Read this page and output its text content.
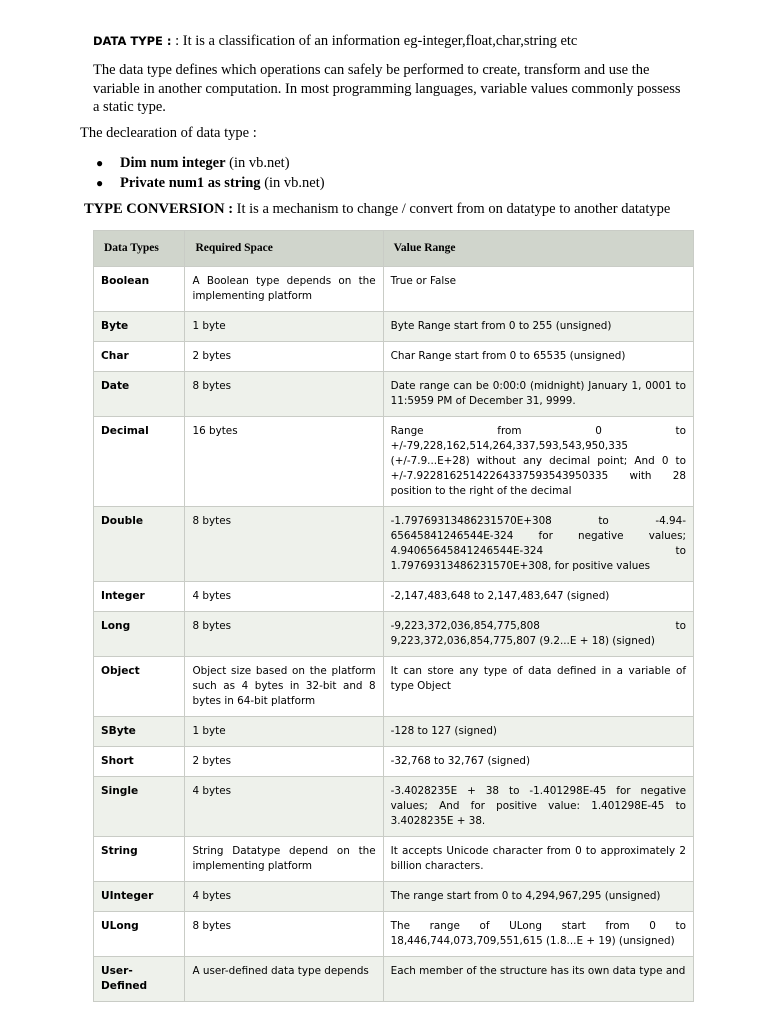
DATA TYPE : : It is a classification of an information eg-integer,float,char,string etc
The data type defines which operations can safely be performed to create, transform and use the variable in another computation. In most programming languages, variable values commonly possess a static type.
The declearation of data type :
● Dim num integer (in vb.net)
● Private num1 as string (in vb.net)
TYPE CONVERSION : It is a mechanism to change / convert from on datatype to another datatype
Data Types	Required Space	Value Range
Boolean	A Boolean type depends on the implementing platform	True or False
Byte	1 byte	Byte Range start from 0 to 255 (unsigned)
Char	2 bytes	Char Range start from 0 to 65535 (unsigned)
Date	8 bytes	Date range can be 0:00:0 (midnight) January 1, 0001 to 11:5959 PM of December 31, 9999.
Decimal	16 bytes	Range from 0 to +/-79,228,162,514,264,337,593,543,950,335 (+/-7.9...E+28) without any decimal point; And 0 to +/-7.92281625142264337593543950335 with 28 position to the right of the decimal
Double	8 bytes	-1.79769313486231570E+308 to -4.94-65645841246544E-324 for negative values; 4.94065645841246544E-324 to 1.79769313486231570E+308, for positive values
Integer	4 bytes	-2,147,483,648 to 2,147,483,647 (signed)
Long	8 bytes	-9,223,372,036,854,775,808 to 9,223,372,036,854,775,807 (9.2...E + 18) (signed)
Object	Object size based on the platform such as 4 bytes in 32-bit and 8 bytes in 64-bit platform	It can store any type of data defined in a variable of type Object
SByte	1 byte	-128 to 127 (signed)
Short	2 bytes	-32,768 to 32,767 (signed)
Single	4 bytes	-3.4028235E + 38 to -1.401298E-45 for negative values; And for positive value: 1.401298E-45 to 3.4028235E + 38.
String	String Datatype depend on the implementing platform	It accepts Unicode character from 0 to approximately 2 billion characters.
UInteger	4 bytes	The range start from 0 to 4,294,967,295 (unsigned)
ULong	8 bytes	The range of ULong start from 0 to 18,446,744,073,709,551,615 (1.8...E + 19) (unsigned)
User-Defined	A user-defined data type depends	Each member of the structure has its own data type and
